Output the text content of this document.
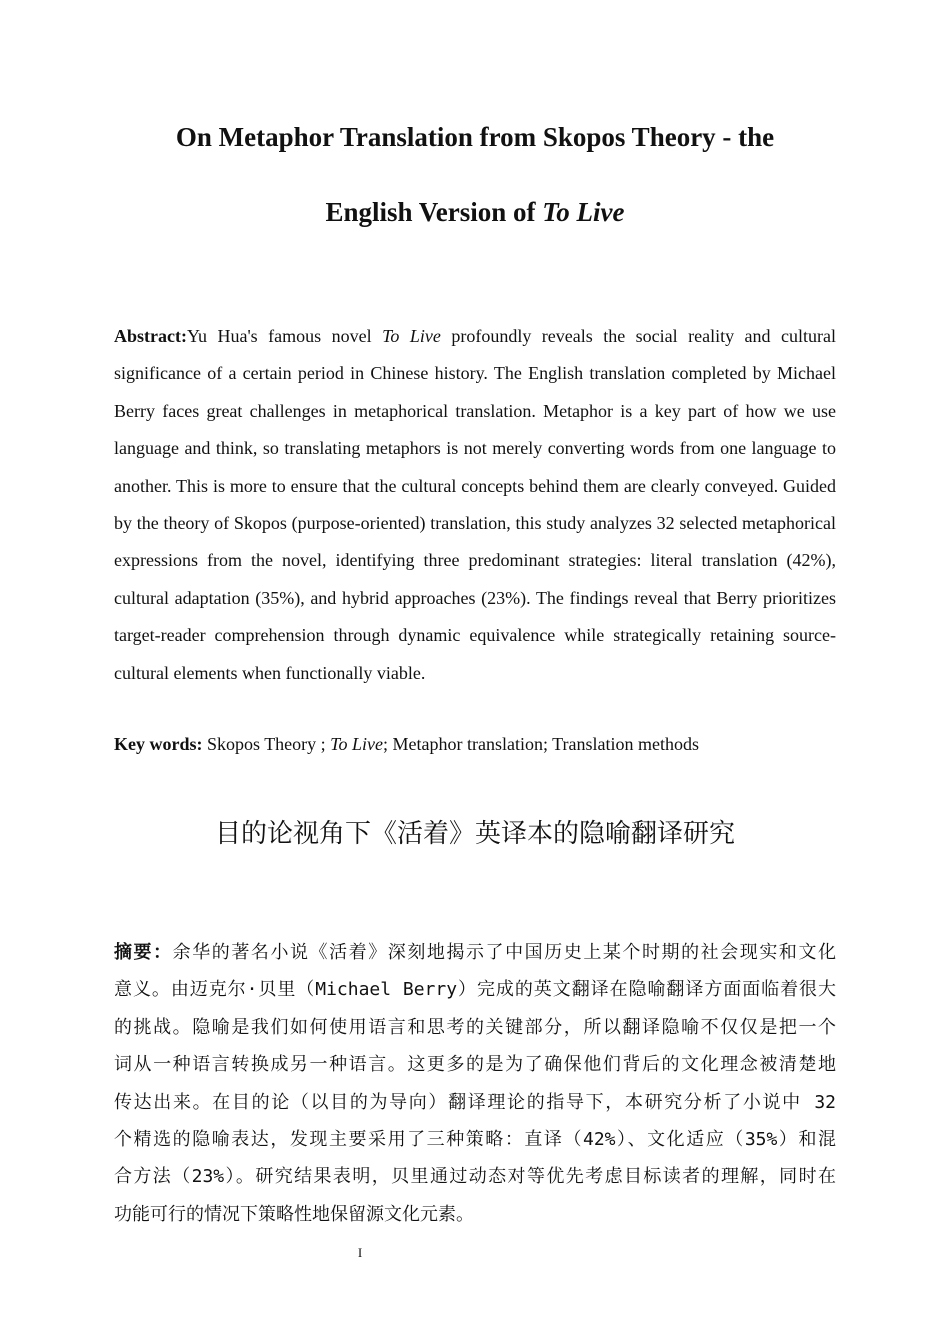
On Metaphor Translation from Skopos Theory - the
English Version of To Live

Abstract:Yu Hua's famous novel To Live profoundly reveals the social reality and cultural significance of a certain period in Chinese history. The English translation completed by Michael Berry faces great challenges in metaphorical translation. Metaphor is a key part of how we use language and think, so translating metaphors is not merely converting words from one language to another. This is more to ensure that the cultural concepts behind them are clearly conveyed. Guided by the theory of Skopos (purpose-oriented) translation, this study analyzes 32 selected metaphorical expressions from the novel, identifying three predominant strategies: literal translation (42%), cultural adaptation (35%), and hybrid approaches (23%). The findings reveal that Berry prioritizes target-reader comprehension through dynamic equivalence while strategically retaining source-cultural elements when functionally viable.

Key words: Skopos Theory ; To Live; Metaphor translation; Translation methods

目的论视角下《活着》英译本的隐喻翻译研究
摘要：余华的著名小说《活着》深刻地揭示了中国历史上某个时期的社会现实和文化
意义。由迈克尔·贝里（Michael Berry）完成的英文翻译在隐喻翻译方面面临着很大
的挑战。隐喻是我们如何使用语言和思考的关键部分，所以翻译隐喻不仅仅是把一个
词从一种语言转换成另一种语言。这更多的是为了确保他们背后的文化理念被清楚地
传达出来。在目的论（以目的为导向）翻译理论的指导下，本研究分析了小说中 32
个精选的隐喻表达，发现主要采用了三种策略：直译（42%）、文化适应（35%）和混
合方法（23%）。研究结果表明，贝里通过动态对等优先考虑目标读者的理解，同时在
功能可行的情况下策略性地保留源文化元素。
I
